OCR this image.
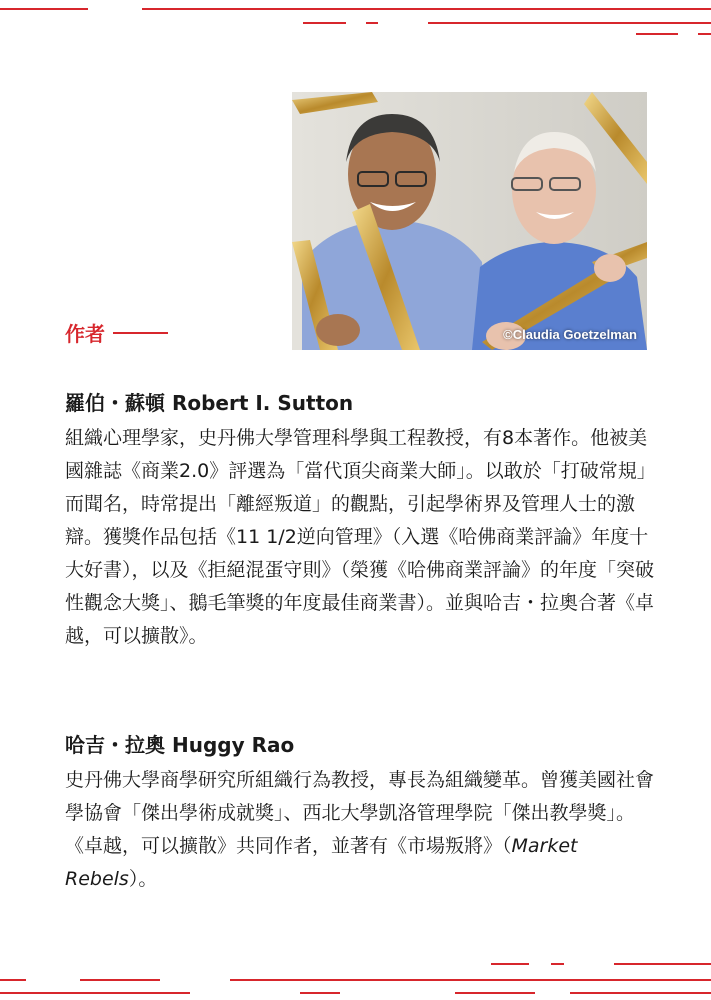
©Claudia Goetzelman
作者
羅伯・蘇頓 Robert I. Sutton

組織心理學家，史丹佛大學管理科學與工程教授，有8本著作。他被美國雜誌《商業2.0》評選為「當代頂尖商業大師」。以敢於「打破常規」而聞名，時常提出「離經叛道」的觀點，引起學術界及管理人士的激辯。獲獎作品包括《11 1/2逆向管理》（入選《哈佛商業評論》年度十大好書），以及《拒絕混蛋守則》（榮獲《哈佛商業評論》的年度「突破性觀念大獎」、鵝毛筆獎的年度最佳商業書）。並與哈吉・拉奧合著《卓越，可以擴散》。

哈吉・拉奧 Huggy Rao

史丹佛大學商學研究所組織行為教授，專長為組織變革。曾獲美國社會學協會「傑出學術成就獎」、西北大學凱洛管理學院「傑出教學獎」。《卓越，可以擴散》共同作者，並著有《市場叛將》（Market Rebels）。
